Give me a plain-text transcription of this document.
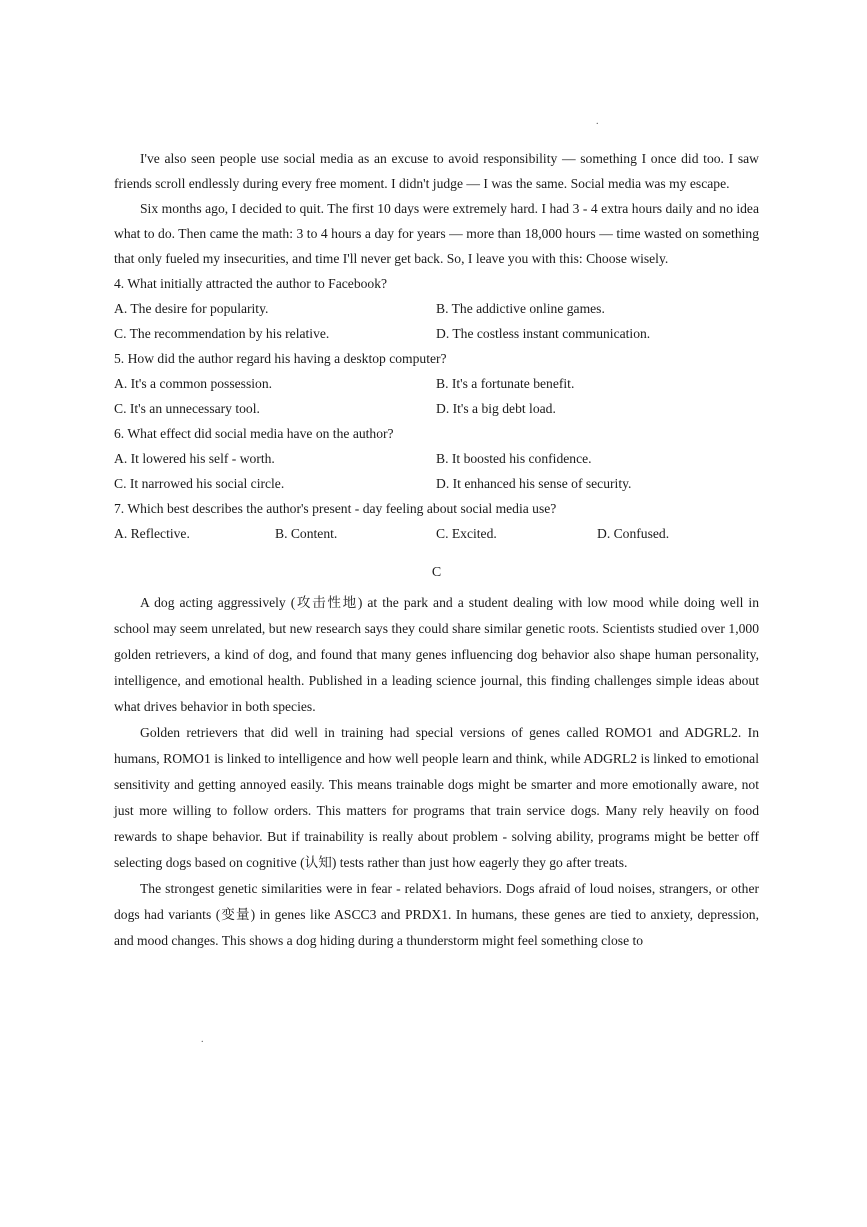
.

I've also seen people use social media as an excuse to avoid responsibility — something I once did too. I saw friends scroll endlessly during every free moment. I didn't judge — I was the same. Social media was my escape.

Six months ago, I decided to quit. The first 10 days were extremely hard. I had 3 - 4 extra hours daily and no idea what to do. Then came the math: 3 to 4 hours a day for years — more than 18,000 hours — time wasted on something that only fueled my insecurities, and time I'll never get back. So, I leave you with this: Choose wisely.

4. What initially attracted the author to Facebook?

A. The desire for popularity.	B. The addictive online games.
C. The recommendation by his relative.	D. The costless instant communication.

5. How did the author regard his having a desktop computer?

A. It's a common possession.	B. It's a fortunate benefit.
C. It's an unnecessary tool.	D. It's a big debt load.

6. What effect did social media have on the author?

A. It lowered his self - worth.	B. It boosted his confidence.
C. It narrowed his social circle.	D. It enhanced his sense of security.

7. Which best describes the author's present - day feeling about social media use?

A. Reflective.	B. Content.	C. Excited.	D. Confused.
C

A dog acting aggressively (攻击性地) at the park and a student dealing with low mood while doing well in school may seem unrelated, but new research says they could share similar genetic roots. Scientists studied over 1,000 golden retrievers, a kind of dog, and found that many genes influencing dog behavior also shape human personality, intelligence, and emotional health. Published in a leading science journal, this finding challenges simple ideas about what drives behavior in both species.

Golden retrievers that did well in training had special versions of genes called ROMO1 and ADGRL2. In humans, ROMO1 is linked to intelligence and how well people learn and think, while ADGRL2 is linked to emotional sensitivity and getting annoyed easily. This means trainable dogs might be smarter and more emotionally aware, not just more willing to follow orders. This matters for programs that train service dogs. Many rely heavily on food rewards to shape behavior. But if trainability is really about problem - solving ability, programs might be better off selecting dogs based on cognitive (认知) tests rather than just how eagerly they go after treats.

The strongest genetic similarities were in fear - related behaviors. Dogs afraid of loud noises, strangers, or other dogs had variants (变量) in genes like ASCC3 and PRDX1. In humans, these genes are tied to anxiety, depression, and mood changes. This shows a dog hiding during a thunderstorm might feel something close to

.
